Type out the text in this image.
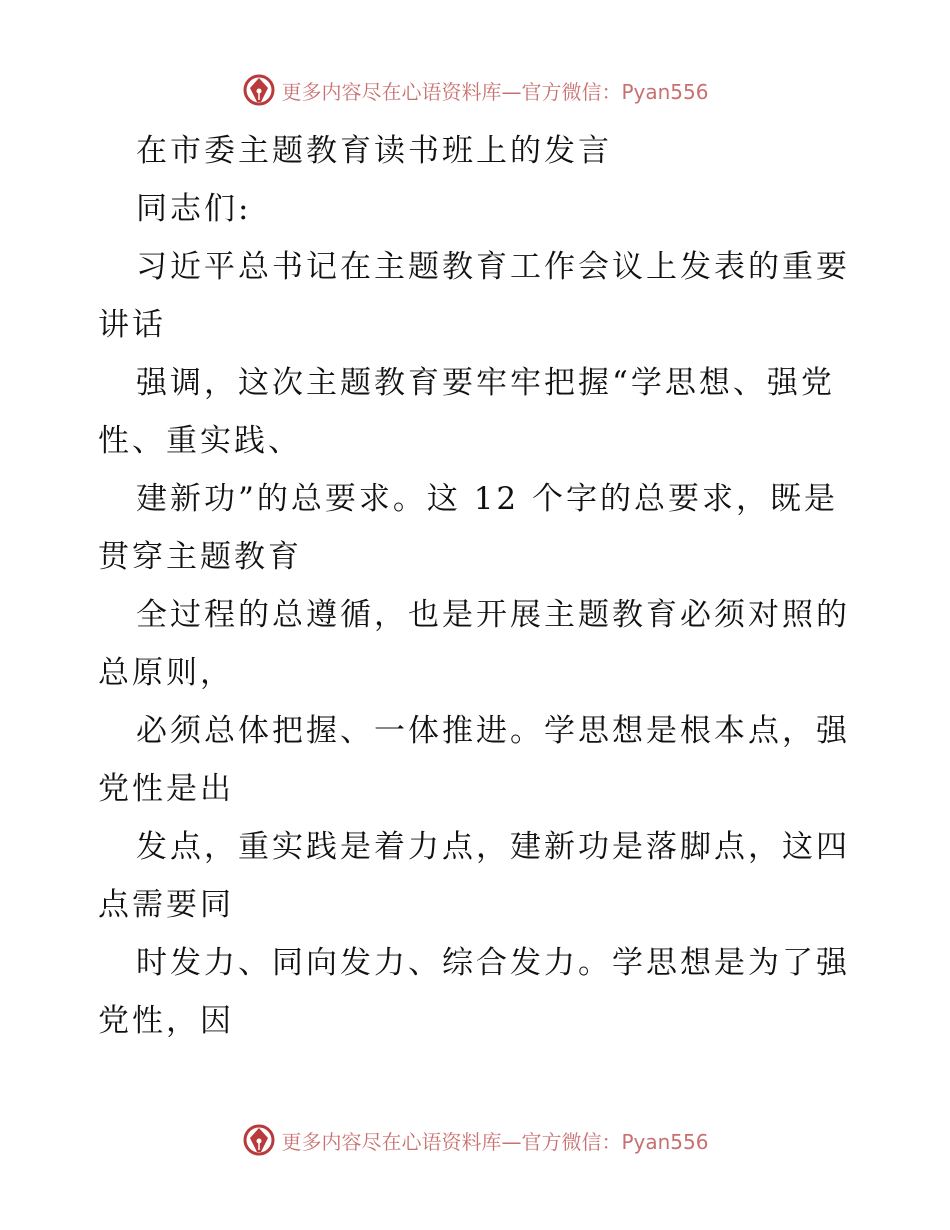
更多内容尽在心语资料库—官方微信：Pyan556
在市委主题教育读书班上的发言
同志们:
习近平总书记在主题教育工作会议上发表的重要
讲话
强调，这次主题教育要牢牢把握“学思想、强党
性、重实践、
建新功”的总要求。这 12 个字的总要求，既是
贯穿主题教育
全过程的总遵循，也是开展主题教育必须对照的
总原则，
必须总体把握、一体推进。学思想是根本点，强
党性是出
发点，重实践是着力点，建新功是落脚点，这四
点需要同
时发力、同向发力、综合发力。学思想是为了强
党性，因
更多内容尽在心语资料库—官方微信：Pyan556
